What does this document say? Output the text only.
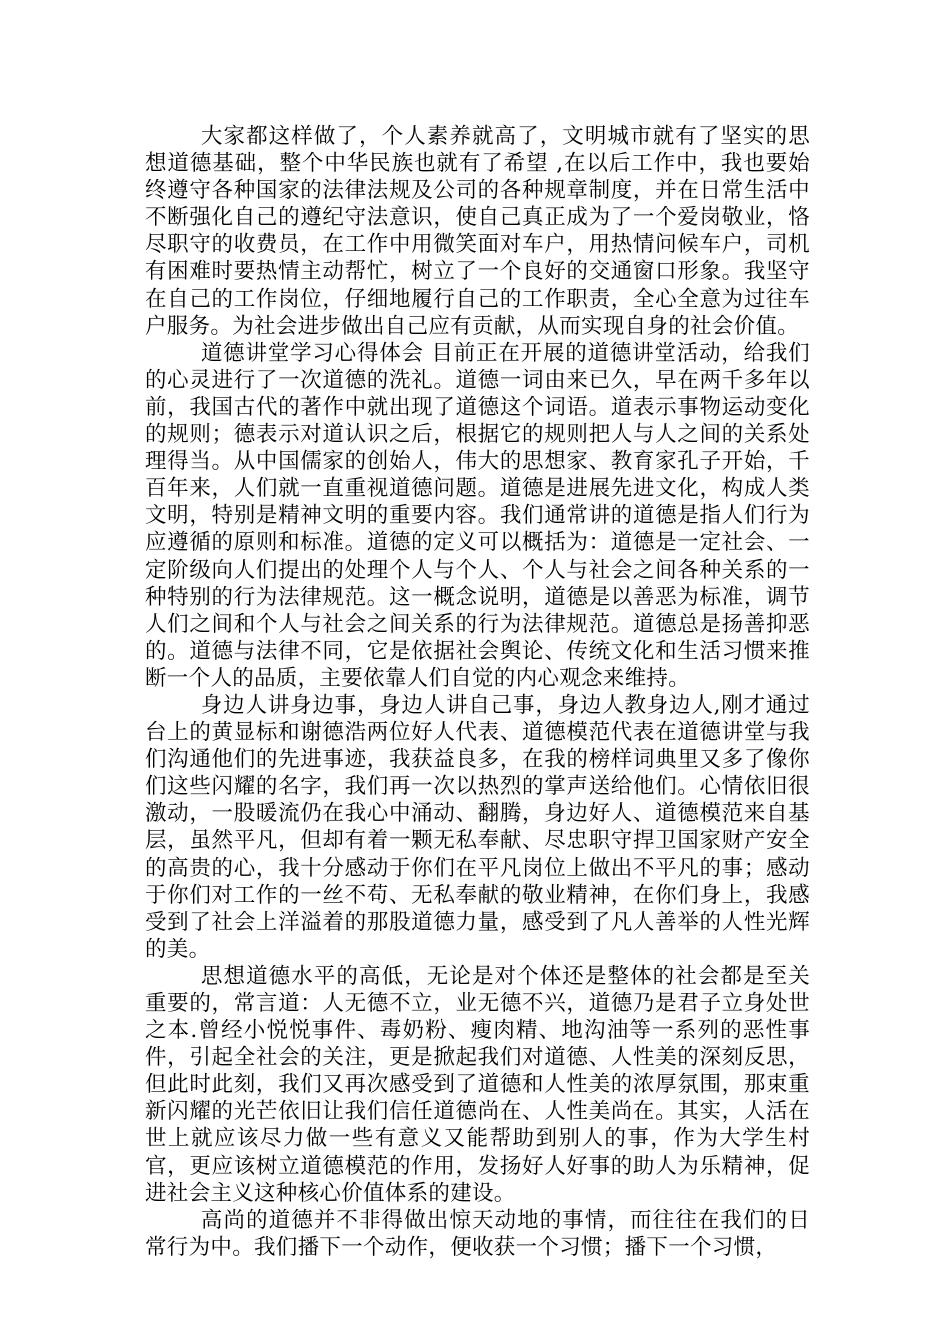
大家都这样做了，个人素养就高了，文明城市就有了坚实的思想道德基础，整个中华民族也就有了希望 ,在以后工作中，我也要始终遵守各种国家的法律法规及公司的各种规章制度，并在日常生活中不断强化自己的遵纪守法意识，使自己真正成为了一个爱岗敬业，恪尽职守的收费员，在工作中用微笑面对车户，用热情问候车户，司机有困难时要热情主动帮忙，树立了一个良好的交通窗口形象。我坚守在自己的工作岗位，仔细地履行自己的工作职责，全心全意为过往车户服务。为社会进步做出自己应有贡献，从而实现自身的社会价值。

道德讲堂学习心得体会 目前正在开展的道德讲堂活动，给我们的心灵进行了一次道德的洗礼。道德一词由来已久，早在两千多年以前，我国古代的著作中就出现了道德这个词语。道表示事物运动变化的规则；德表示对道认识之后，根据它的规则把人与人之间的关系处理得当。从中国儒家的创始人，伟大的思想家、教育家孔子开始，千百年来，人们就一直重视道德问题。道德是进展先进文化，构成人类文明，特别是精神文明的重要内容。我们通常讲的道德是指人们行为应遵循的原则和标准。道德的定义可以概括为：道德是一定社会、一定阶级向人们提出的处理个人与个人、个人与社会之间各种关系的一种特别的行为法律规范。这一概念说明，道德是以善恶为标准，调节人们之间和个人与社会之间关系的行为法律规范。道德总是扬善抑恶的。道德与法律不同，它是依据社会舆论、传统文化和生活习惯来推断一个人的品质，主要依靠人们自觉的内心观念来维持。

身边人讲身边事，身边人讲自己事，身边人教身边人,刚才通过台上的黄显标和谢德浩两位好人代表、道德模范代表在道德讲堂与我们沟通他们的先进事迹，我获益良多，在我的榜样词典里又多了像你们这些闪耀的名字，我们再一次以热烈的掌声送给他们。心情依旧很激动，一股暖流仍在我心中涌动、翻腾，身边好人、道德模范来自基层，虽然平凡，但却有着一颗无私奉献、尽忠职守捍卫国家财产安全的高贵的心，我十分感动于你们在平凡岗位上做出不平凡的事；感动于你们对工作的一丝不苟、无私奉献的敬业精神，在你们身上，我感受到了社会上洋溢着的那股道德力量，感受到了凡人善举的人性光辉的美。

思想道德水平的高低，无论是对个体还是整体的社会都是至关重要的，常言道：人无德不立，业无德不兴，道德乃是君子立身处世之本.曾经小悦悦事件、毒奶粉、瘦肉精、地沟油等一系列的恶性事件，引起全社会的关注，更是掀起我们对道德、人性美的深刻反思，但此时此刻，我们又再次感受到了道德和人性美的浓厚氛围，那束重新闪耀的光芒依旧让我们信任道德尚在、人性美尚在。其实，人活在世上就应该尽力做一些有意义又能帮助到别人的事，作为大学生村官，更应该树立道德模范的作用，发扬好人好事的助人为乐精神，促进社会主义这种核心价值体系的建设。

高尚的道德并不非得做出惊天动地的事情，而往往在我们的日常行为中。我们播下一个动作，便收获一个习惯；播下一个习惯，
